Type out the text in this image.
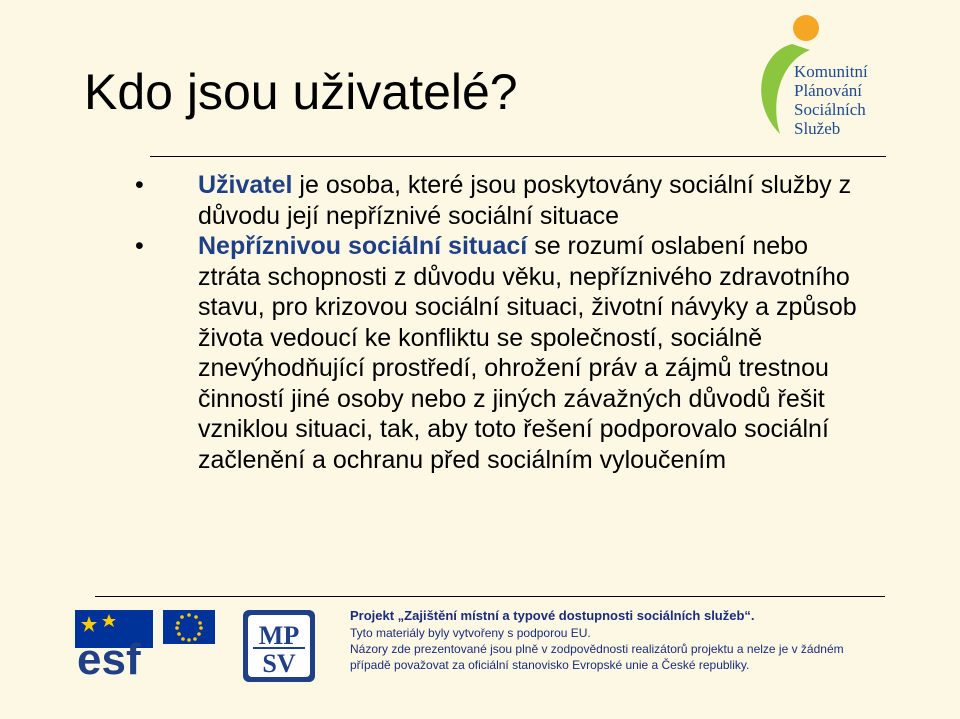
Kdo jsou uživatelé?	Komunitní
Plánování
Sociálních
Služeb
• Uživatel je osoba, které jsou poskytovány sociální služby z důvodu její nepříznivé sociální situace
• Nepříznivou sociální situací se rozumí oslabení nebo ztráta schopnosti z důvodu věku, nepříznivého zdravotního stavu, pro krizovou sociální situaci, životní návyky a způsob života vedoucí ke konfliktu se společností, sociálně znevýhodňující prostředí, ohrožení práv a zájmů trestnou činností jiné osoby nebo z jiných závažných důvodů řešit vzniklou situaci, tak, aby toto řešení podporovalo sociální začlenění a ochranu před sociálním vyloučením
esf	MP
SV
Projekt „Zajištění místní a typové dostupnosti sociálních služeb“.
Tyto materiály byly vytvořeny s podporou EU.
Názory zde prezentované jsou plně v zodpovědnosti realizátorů projektu a nelze je v žádném
případě považovat za oficiální stanovisko Evropské unie a České republiky.
